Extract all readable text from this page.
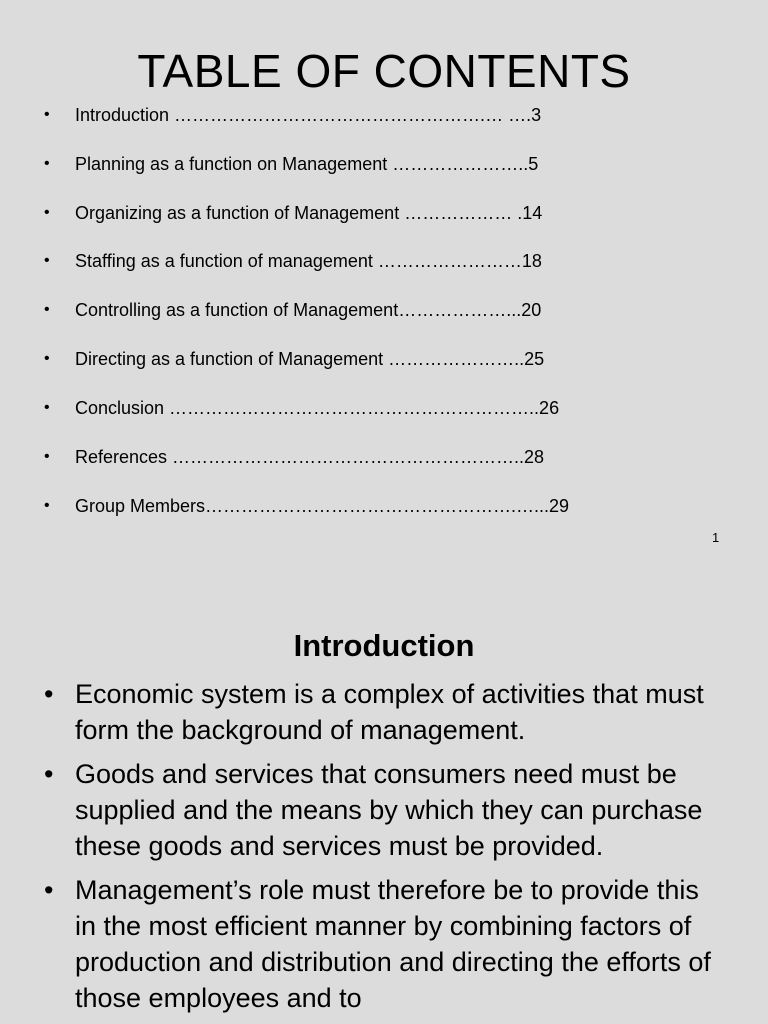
TABLE OF CONTENTS
• Introduction …………………………………………….… ….3
• Planning as a function on Management …………………..5
• Organizing as a function of Management ……………… .14
• Staffing as a function of management ……………………18
• Controlling as a function of Management………………...20
• Directing as a function of Management …………………..25
• Conclusion ……………………………………………………..26
• References …………………………………………………..28
• Group Members…………………………………………….…...29
1
Introduction
• Economic system is a complex of activities that must form the background of management.
• Goods and services that consumers need must be supplied and the means by which they can purchase these goods and services must be provided.
• Management’s role must therefore be to provide this in the most efficient manner by combining factors of production and distribution and directing the efforts of those employees and to
